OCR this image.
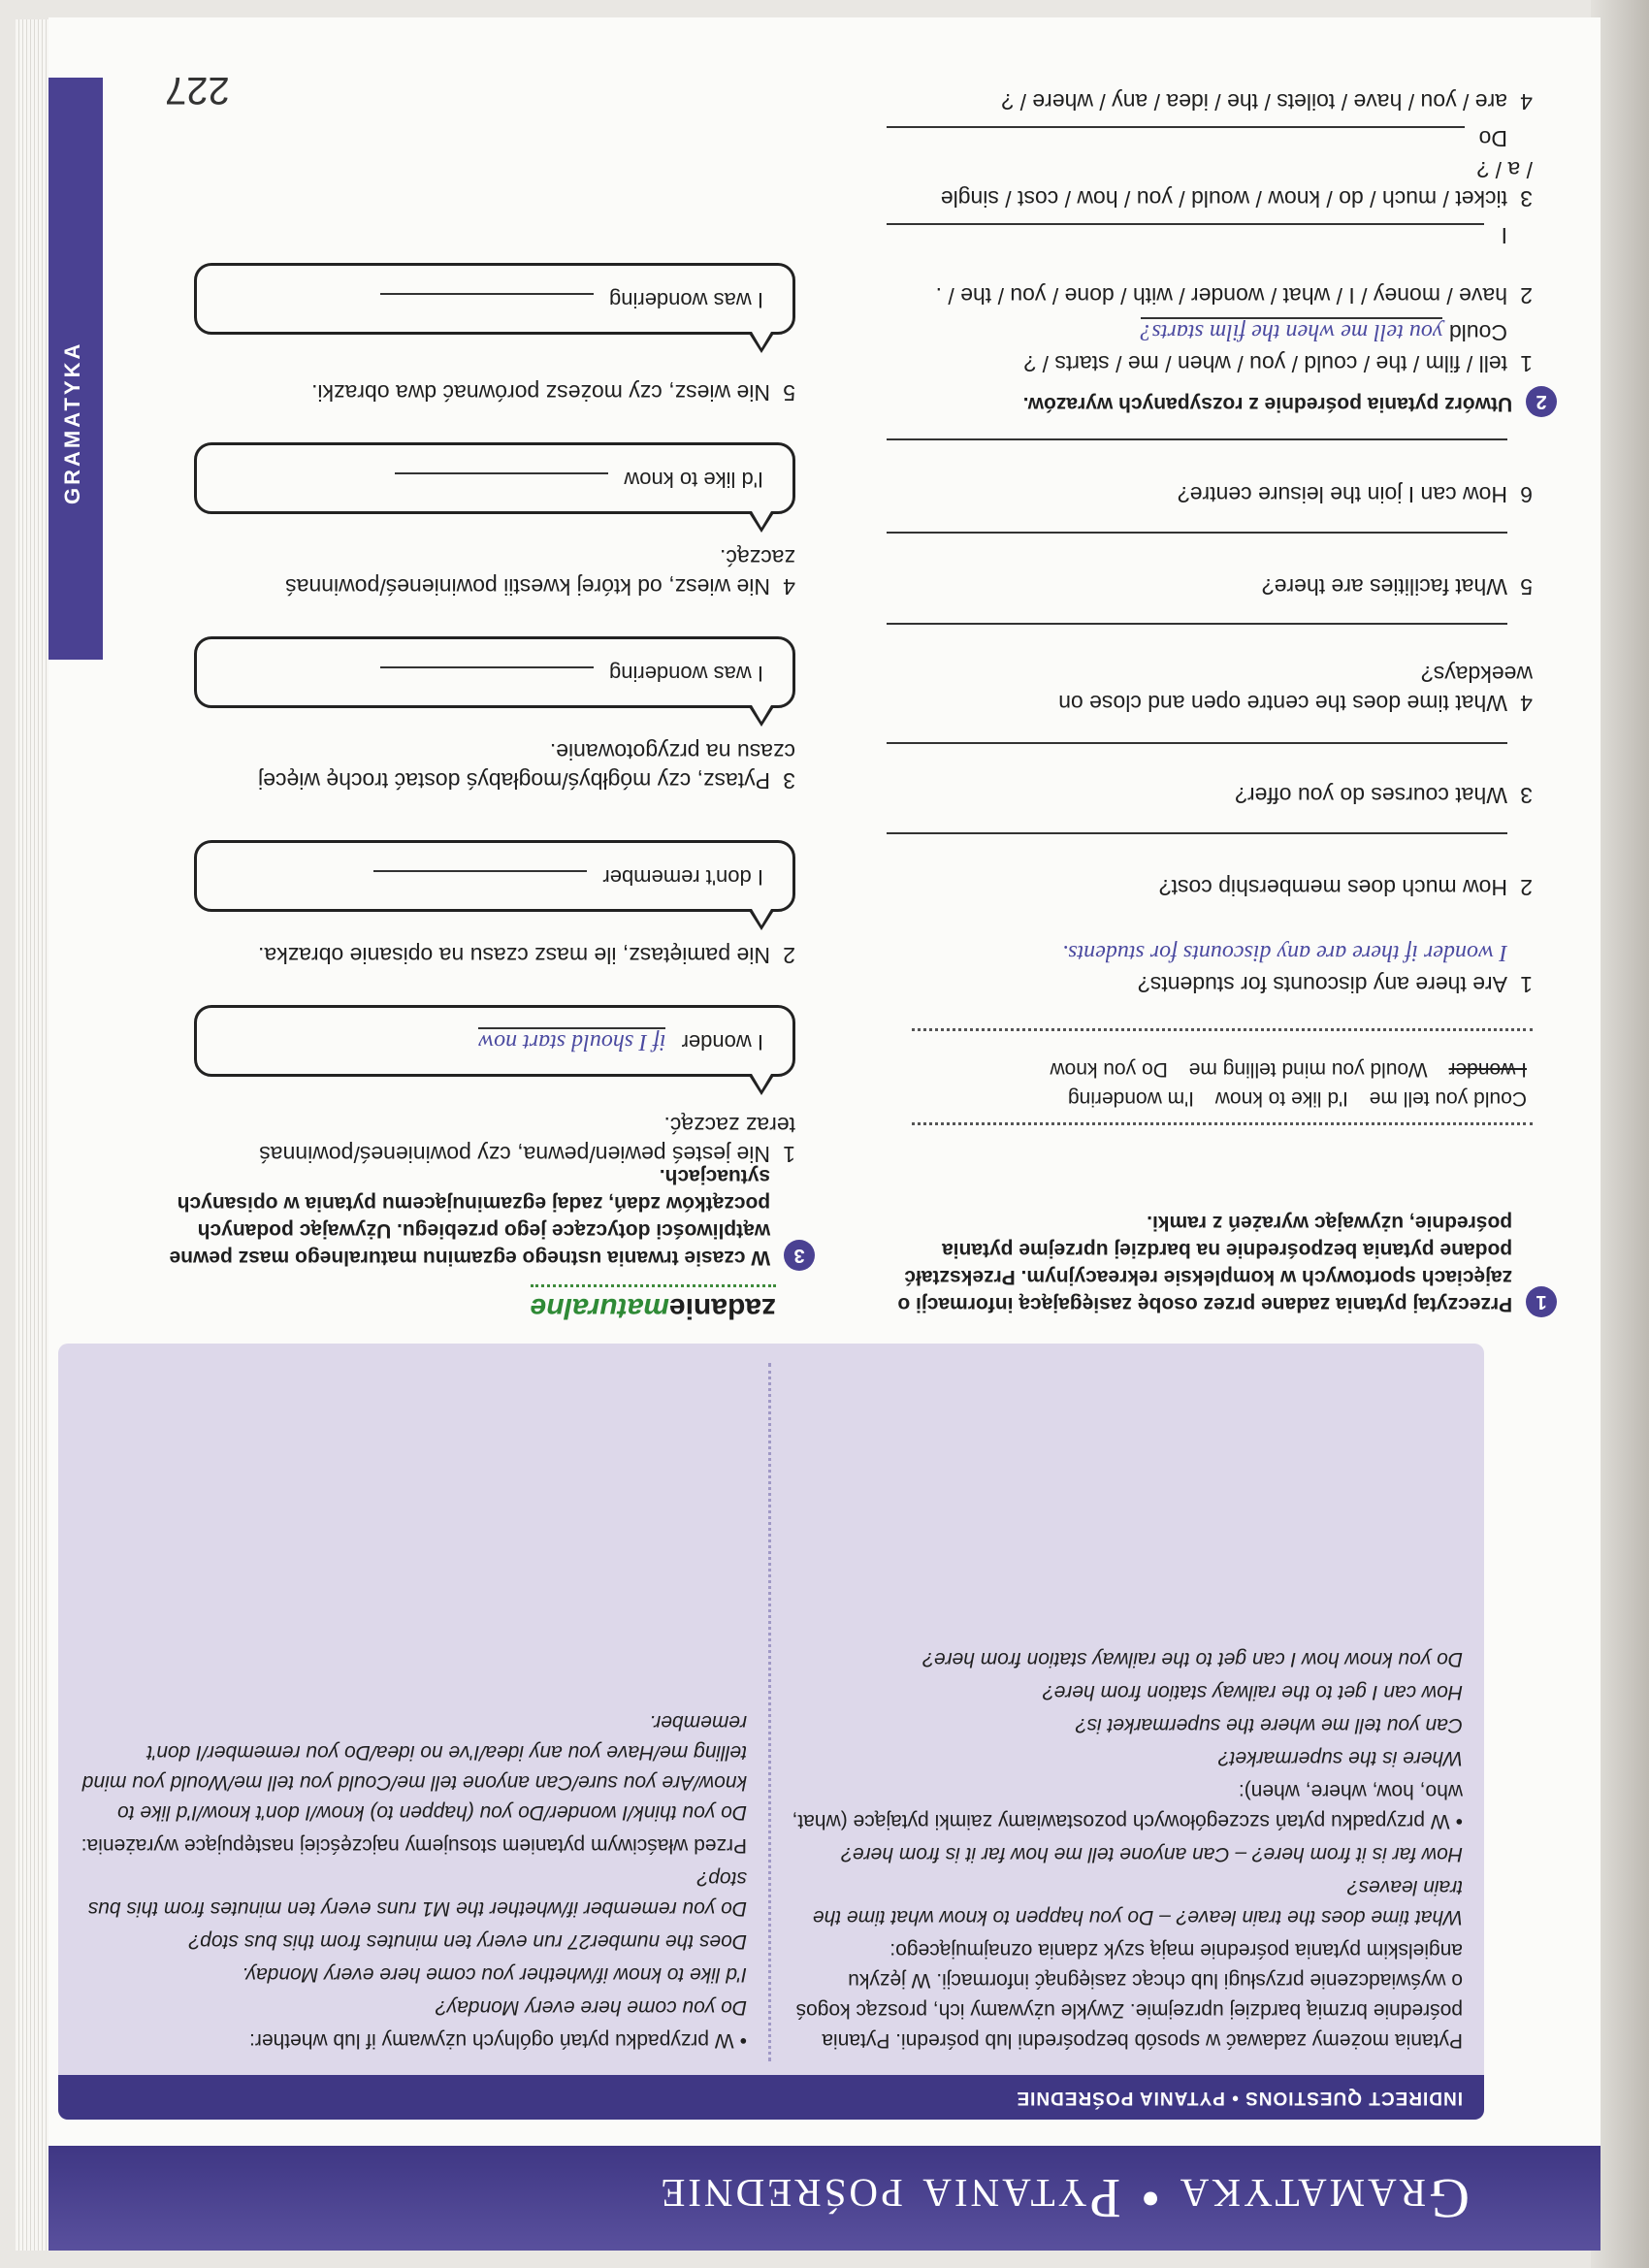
Gramatyka • Pytania pośrednie
INDIRECT QUESTIONS • PYTANIA POŚREDNIE

Pytania możemy zadawać w sposób bezpośredni lub pośredni. Pytania pośrednie brzmią bardziej uprzejmie. Zwykle używamy ich, prosząc kogoś o wyświadczenie przysługi lub chcąc zasięgnąć informacji. W języku angielskim pytania pośrednie mają szyk zdania oznajmującego:

What time does the train leave? – Do you happen to know what time the train leaves?

How far is it from here? – Can anyone tell me how far it is from here?

• W przypadku pytań szczegółowych pozostawiamy zaimki pytające (what, who, how, where, when):

Where is the supermarket?

Can you tell me where the supermarket is?

How can I get to the railway station from here?

Do you know how I can get to the railway station from here?

• W przypadku pytań ogólnych używamy if lub whether:

Do you come here every Monday?

I'd like to know if/whether you come here every Monday.

Does the number27 run every ten minutes from this bus stop?

Do you remember if/whether the M1 runs every ten minutes from this bus stop?

Przed właściwym pytaniem stosujemy najczęściej następujące wyrażenia:

Do you think/I wonder/Do you (happen to) know/I don't know/I'd like to know/Are you sure/Can anyone tell me/Could you tell me/Would you mind telling me/Have you any idea/I've no idea/Do you remember/I don't remember.

1 Przeczytaj pytania zadane przez osobę zasięgającą informacji o zajęciach sportowych w kompleksie rekreacyjnym. Przekształć podane pytania bezpośrednie na bardziej uprzejme pytania pośrednie, używając wyrażeń z ramki.
Could you tell me I'd like to know I'm wondering
I wonder Would you mind telling me Do you know
1Are there any discounts for students?
I wonder if there are any discounts for students.
2How much does membership cost?
3What courses do you offer?
4What time does the centre open and close on weekdays?
5What facilities are there?
6How can I join the leisure centre?
2 Utwórz pytania pośrednie z rozsypanych wyrazów.
1tell / film / the / could / you / when / me / starts / ?
Could you tell me when the film starts?
2have / money / I / what / wonder / with / done / you / the / .
I
3ticket / much / do / know / would / you / how / cost / single / a / ?
Do
4are / you / have / toilets / the / idea / any / where / ?
zadaniematuralne
3 W czasie trwania ustnego egzaminu maturalnego masz pewne wątpliwości dotyczące jego przebiegu. Używając podanych początków zdań, zadaj egzaminującemu pytania w opisanych sytuacjach.
1Nie jesteś pewien/pewna, czy powinieneś/powinnaś teraz zacząć.
I wonder if I should start now
2Nie pamiętasz, ile masz czasu na opisanie obrazka.
I don't remember
3Pytasz, czy mógłbyś/mogłabyś dostać trochę więcej czasu na przygotowanie.
I was wondering
4Nie wiesz, od której kwestii powinieneś/powinnaś zacząć.
I'd like to know
5Nie wiesz, czy możesz porównać dwa obrazki.
I was wondering
GRAMATYKA
227
